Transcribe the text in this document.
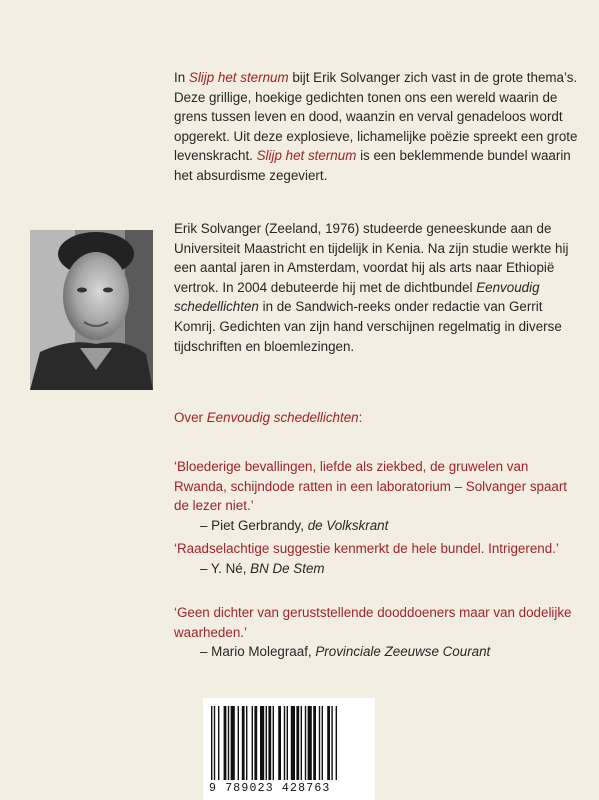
In Slijp het sternum bijt Erik Solvanger zich vast in de grote thema’s. Deze grillige, hoekige gedichten tonen ons een wereld waarin de grens tussen leven en dood, waanzin en verval genadeloos wordt opgerekt. Uit deze explosieve, lichamelijke poëzie spreekt een grote levenskracht. Slijp het sternum is een beklemmende bundel waarin het absurdisme zegeviert.
Erik Solvanger (Zeeland, 1976) studeerde geneeskunde aan de Universiteit Maastricht en tijdelijk in Kenia. Na zijn studie werkte hij een aantal jaren in Amsterdam, voordat hij als arts naar Ethiopië vertrok. In 2004 debuteerde hij met de dichtbundel Eenvoudig schedellichten in de Sandwich-reeks onder redactie van Gerrit Komrij. Gedichten van zijn hand verschijnen regelmatig in diverse tijdschriften en bloemlezingen.
Over Eenvoudig schedellichten:
‘Bloederige bevallingen, liefde als ziekbed, de gruwelen van Rwanda, schijndode ratten in een laboratorium – Solvanger spaart de lezer niet.’
– Piet Gerbrandy, de Volkskrant
‘Raadselachtige suggestie kenmerkt de hele bundel. Intrigerend.’
– Y. Né, BN De Stem
‘Geen dichter van geruststellende dooddoeners maar van dodelijke waarheden.’
– Mario Molegraaf, Provinciale Zeeuwse Courant
9 789023 428763
